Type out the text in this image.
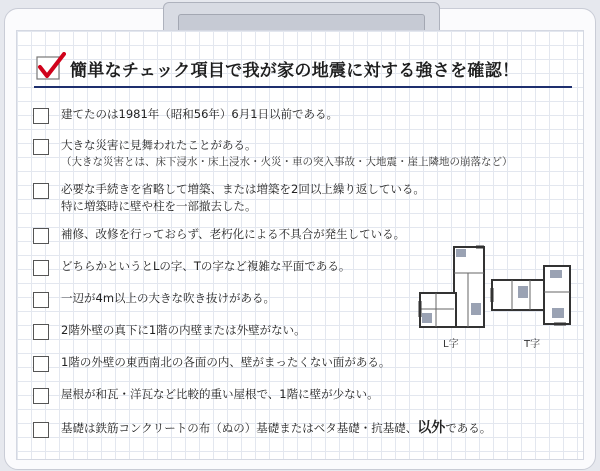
簡単なチェック項目で我が家の地震に対する強さを確認！
建てたのは1981年（昭和56年）6月1日以前である。
大きな災害に見舞われたことがある。
（大きな災害とは、床下浸水・床上浸水・火災・車の突入事故・大地震・崖上隣地の崩落など）
必要な手続きを省略して増築、または増築を2回以上繰り返している。
特に増築時に壁や柱を一部撤去した。
補修、改修を行っておらず、老朽化による不具合が発生している。
どちらかというとLの字、Tの字など複雑な平面である。
一辺が4m以上の大きな吹き抜けがある。
2階外壁の真下に1階の内壁または外壁がない。
1階の外壁の東西南北の各面の内、壁がまったくない面がある。
屋根が和瓦・洋瓦など比較的重い屋根で、1階に壁が少ない。
基礎は鉄筋コンクリートの布（ぬの）基礎またはベタ基礎・抗基礎、以外である。
L字	T字
